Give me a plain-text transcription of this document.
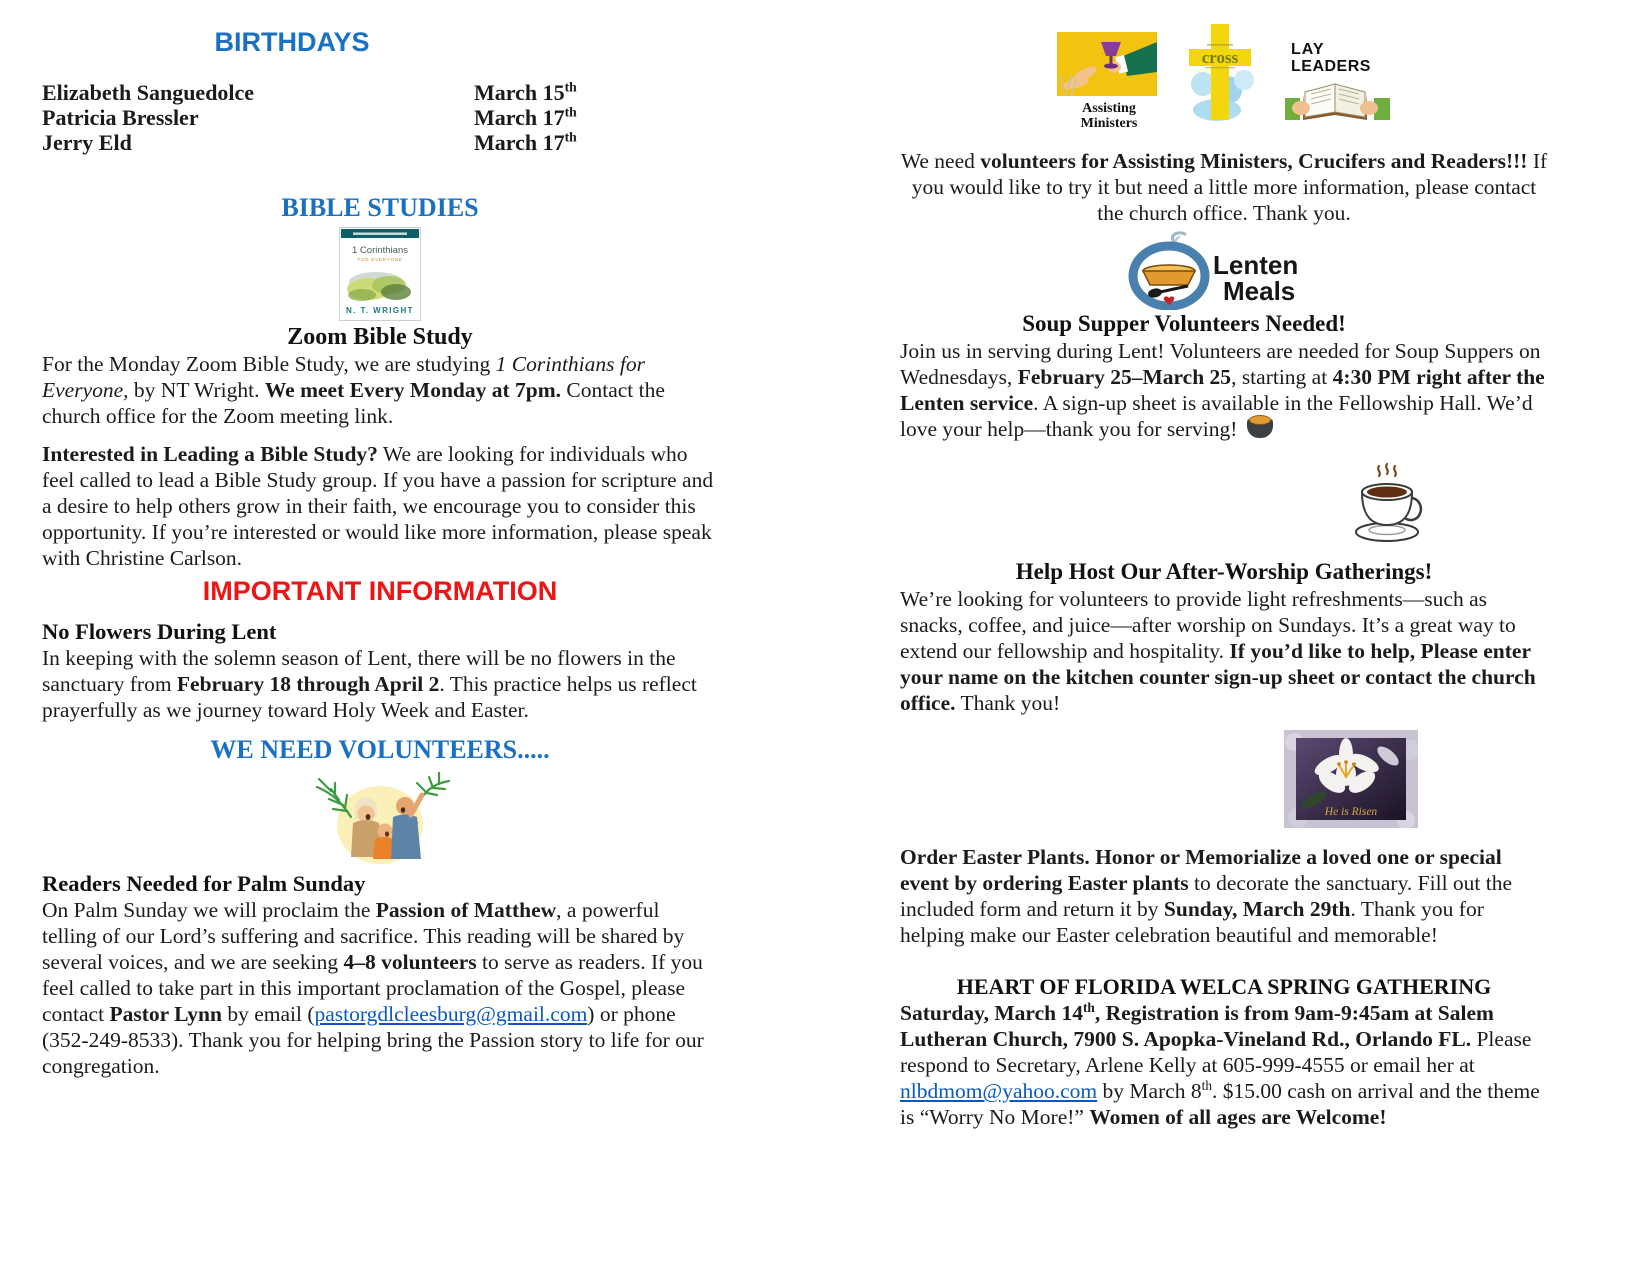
BIRTHDAYS
Elizabeth Sanguedolce	March 15th
Patricia Bressler	March 17th
Jerry Eld	March 17th
BIBLE STUDIES
1 Corinthians
FOR EVERYONE
N. T. WRIGHT
Zoom Bible Study
For the Monday Zoom Bible Study, we are studying 1 Corinthians for Everyone, by NT Wright. We meet Every Monday at 7pm. Contact the church office for the Zoom meeting link.
Interested in Leading a Bible Study? We are looking for individuals who feel called to lead a Bible Study group. If you have a passion for scripture and a desire to help others grow in their faith, we encourage you to consider this opportunity. If you’re interested or would like more information, please speak with Christine Carlson.
IMPORTANT INFORMATION
No Flowers During Lent
In keeping with the solemn season of Lent, there will be no flowers in the sanctuary from February 18 through April 2. This practice helps us reflect prayerfully as we journey toward Holy Week and Easter.
WE NEED VOLUNTEERS.....
Readers Needed for Palm Sunday
On Palm Sunday we will proclaim the Passion of Matthew, a powerful telling of our Lord’s suffering and sacrifice. This reading will be shared by several voices, and we are seeking 4–8 volunteers to serve as readers. If you feel called to take part in this important proclamation of the Gospel, please contact Pastor Lynn by email (pastorgdlcleesburg@gmail.com) or phone (352-249-8533). Thank you for helping bring the Passion story to life for our congregation.
Assisting
Ministers
cross	LAY
LEADERS
We need volunteers for Assisting Ministers, Crucifers and Readers!!! If you would like to try it but need a little more information, please contact the church office. Thank you.
Lenten
Meals
Soup Supper Volunteers Needed!
Join us in serving during Lent! Volunteers are needed for Soup Suppers on Wednesdays, February 25–March 25, starting at 4:30 PM right after the Lenten service. A sign-up sheet is available in the Fellowship Hall. We’d love your help—thank you for serving!
Help Host Our After-Worship Gatherings!
We’re looking for volunteers to provide light refreshments—such as snacks, coffee, and juice—after worship on Sundays. It’s a great way to extend our fellowship and hospitality. If you’d like to help, Please enter your name on the kitchen counter sign-up sheet or contact the church office. Thank you!
He is Risen
Order Easter Plants. Honor or Memorialize a loved one or special event by ordering Easter plants to decorate the sanctuary. Fill out the included form and return it by Sunday, March 29th. Thank you for helping make our Easter celebration beautiful and memorable!
HEART OF FLORIDA WELCA SPRING GATHERING
Saturday, March 14th, Registration is from 9am-9:45am at Salem Lutheran Church, 7900 S. Apopka-Vineland Rd., Orlando FL. Please respond to Secretary, Arlene Kelly at 605-999-4555 or email her at nlbdmom@yahoo.com by March 8th. $15.00 cash on arrival and the theme is “Worry No More!” Women of all ages are Welcome!
